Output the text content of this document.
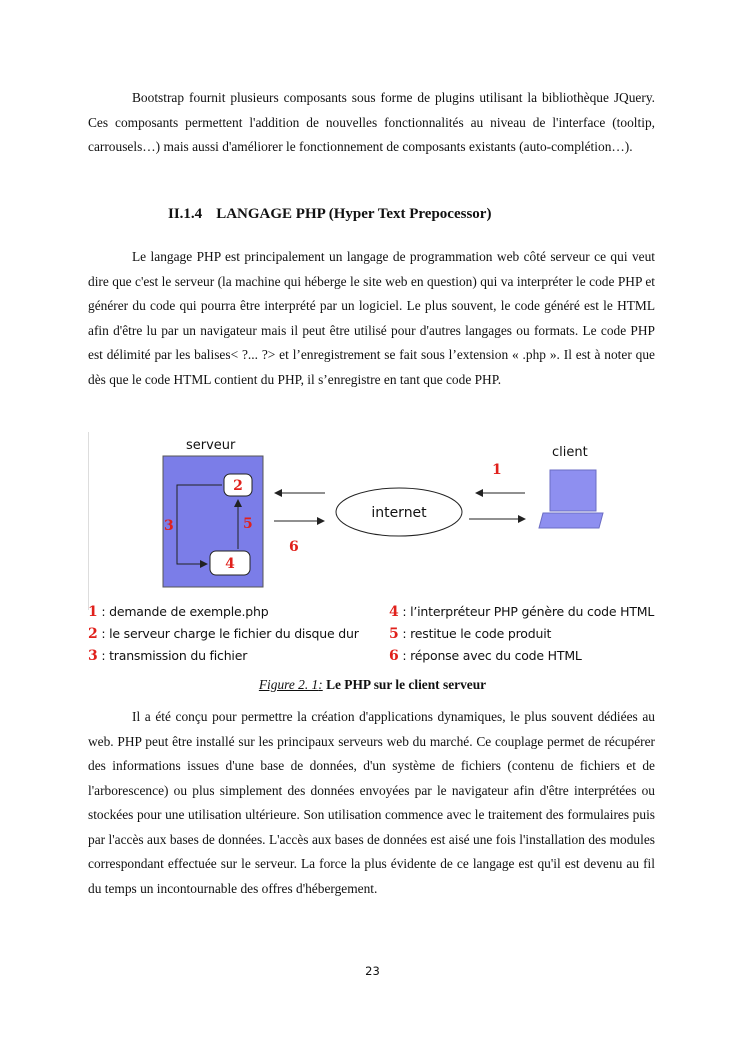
Bootstrap fournit plusieurs composants sous forme de plugins utilisant la bibliothèque JQuery. Ces composants permettent l'addition de nouvelles fonctionnalités au niveau de l'interface (tooltip, carrousels…) mais aussi d'améliorer le fonctionnement de composants existants (auto-complétion…).

II.1.4 LANGAGE PHP (Hyper Text Prepocessor)

Le langage PHP est principalement un langage de programmation web côté serveur ce qui veut dire que c'est le serveur (la machine qui héberge le site web en question) qui va interpréter le code PHP et générer du code qui pourra être interprété par un logiciel. Le plus souvent, le code généré est le HTML afin d'être lu par un navigateur mais il peut être utilisé pour d'autres langages ou formats. Le code PHP est délimité par les balises< ?... ?> et l’enregistrement se fait sous l’extension « .php ». Il est à noter que dès que le code HTML contient du PHP, il s’enregistre en tant que code PHP.

serveur
2
4
3	5
6
internet
1
client
1 : demande de exemple.php
2 : le serveur charge le fichier du disque dur
3 : transmission du fichier
4 : l’interpréteur PHP génère du code HTML
5 : restitue le code produit
6 : réponse avec du code HTML

Figure 2. 1: Le PHP sur le client serveur

Il a été conçu pour permettre la création d'applications dynamiques, le plus souvent dédiées au web. PHP peut être installé sur les principaux serveurs web du marché. Ce couplage permet de récupérer des informations issues d'une base de données, d'un système de fichiers (contenu de fichiers et de l'arborescence) ou plus simplement des données envoyées par le navigateur afin d'être interprétées ou stockées pour une utilisation ultérieure. Son utilisation commence avec le traitement des formulaires puis par l'accès aux bases de données. L'accès aux bases de données est aisé une fois l'installation des modules correspondant effectuée sur le serveur. La force la plus évidente de ce langage est qu'il est devenu au fil du temps un incontournable des offres d'hébergement.

23
